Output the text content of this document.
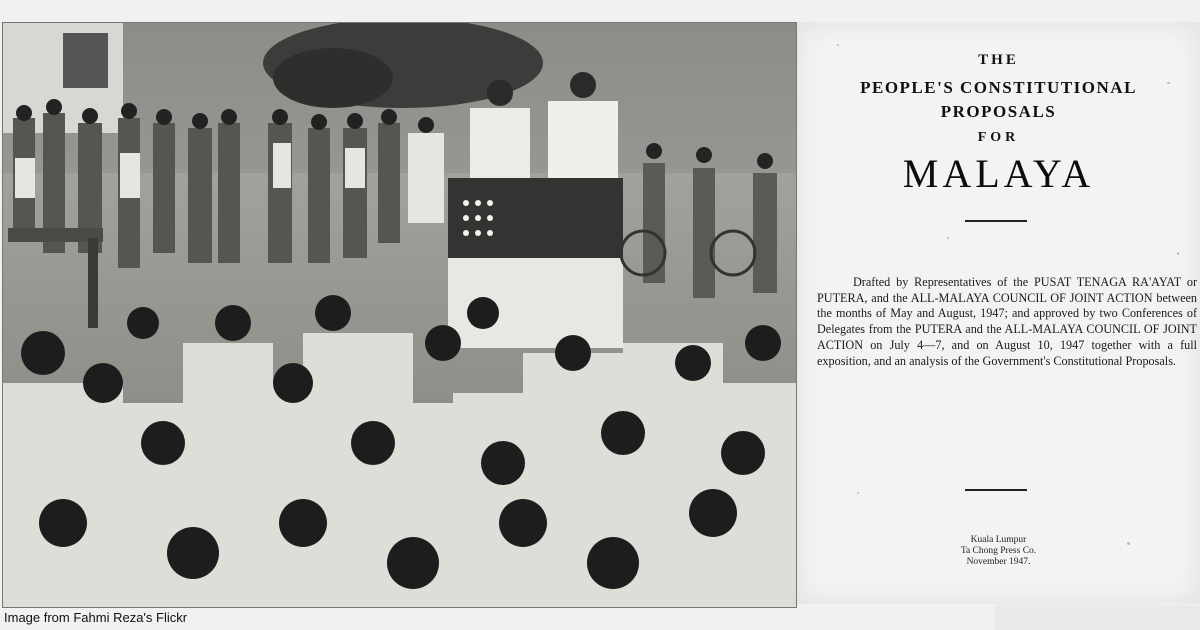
Image from Fahmi Reza's Flickr
THE
PEOPLE'S CONSTITUTIONAL
PROPOSALS
FOR
MALAYA
Drafted by Representatives of the PUSAT TENAGA RA'AYAT or PUTERA, and the ALL-MALAYA COUNCIL OF JOINT ACTION between the months of May and August, 1947; and approved by two Conferences of Delegates from the PUTERA and the ALL-MALAYA COUNCIL OF JOINT ACTION on July 4—7, and on August 10, 1947 together with a full exposition, and an analysis of the Government's Constitutional Proposals.
Kuala Lumpur
Ta Chong Press Co.
November 1947.
